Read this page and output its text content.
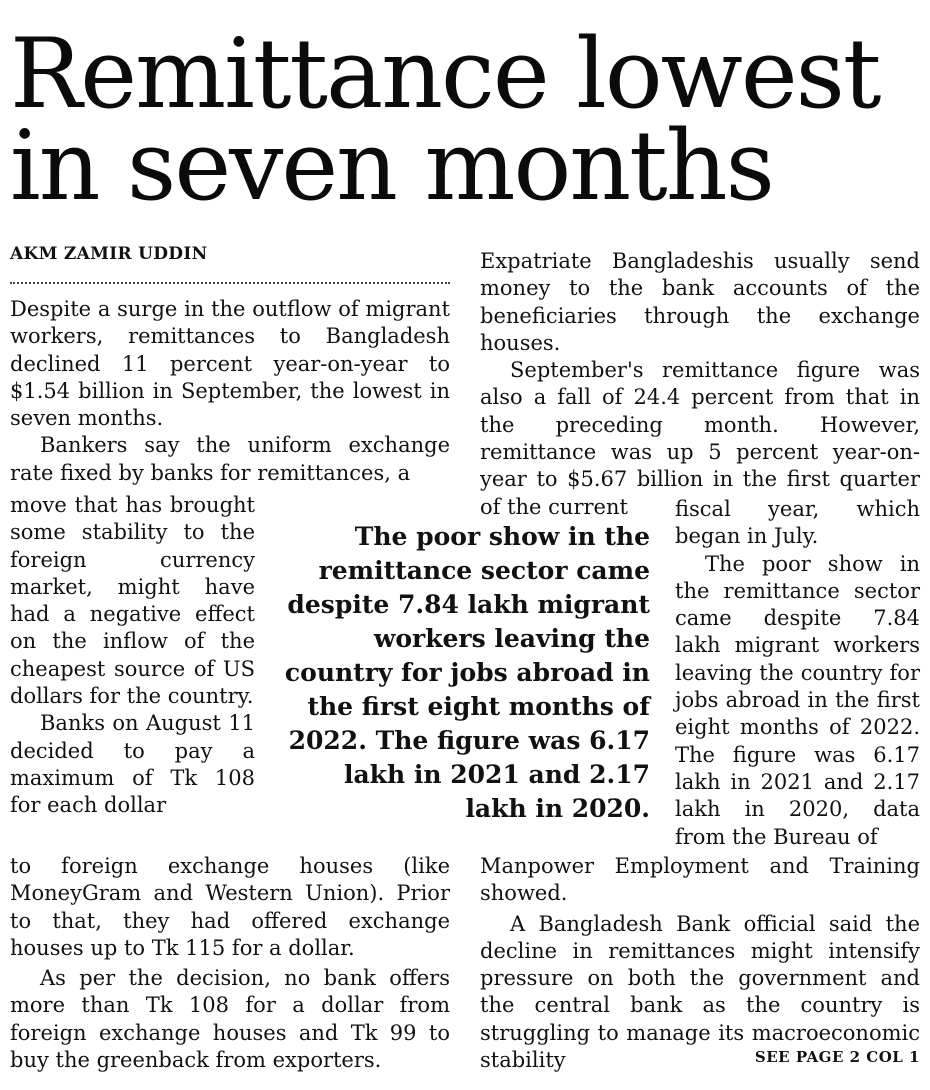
Remittance lowest in seven months
AKM ZAMIR UDDIN

Despite a surge in the outflow of migrant workers, remittances to Bangladesh declined 11 percent year-on-year to $1.54 billion in September, the lowest in seven months.

Bankers say the uniform exchange rate fixed by banks for remittances, a

move that has brought some stability to the foreign currency market, might have had a negative effect on the inflow of the cheapest source of US dollars for the country.

Banks on August 11 decided to pay a maximum of Tk 108 for each dollar

to foreign exchange houses (like MoneyGram and Western Union). Prior to that, they had offered exchange houses up to Tk 115 for a dollar.

As per the decision, no bank offers more than Tk 108 for a dollar from foreign exchange houses and Tk 99 to buy the greenback from exporters.

The poor show in the remittance sector came despite 7.84 lakh migrant workers leaving the country for jobs abroad in the first eight months of 2022. The figure was 6.17 lakh in 2021 and 2.17 lakh in 2020.

Expatriate Bangladeshis usually send money to the bank accounts of the beneficiaries through the exchange houses.

September's remittance figure was also a fall of 24.4 percent from that in the preceding month. However, remittance was up 5 percent year-on-year to $5.67 billion in the first quarter of the current	fiscal year, which began in July.

The poor show in the remittance sector came despite 7.84 lakh migrant workers leaving the country for jobs abroad in the first eight months of 2022. The figure was 6.17 lakh in 2021 and 2.17 lakh in 2020, data from the Bureau of

Manpower Employment and Training showed.

A Bangladesh Bank official said the decline in remittances might intensify pressure on both the government and the central bank as the country is struggling to manage its macroeconomic stability	SEE PAGE 2 COL 1
